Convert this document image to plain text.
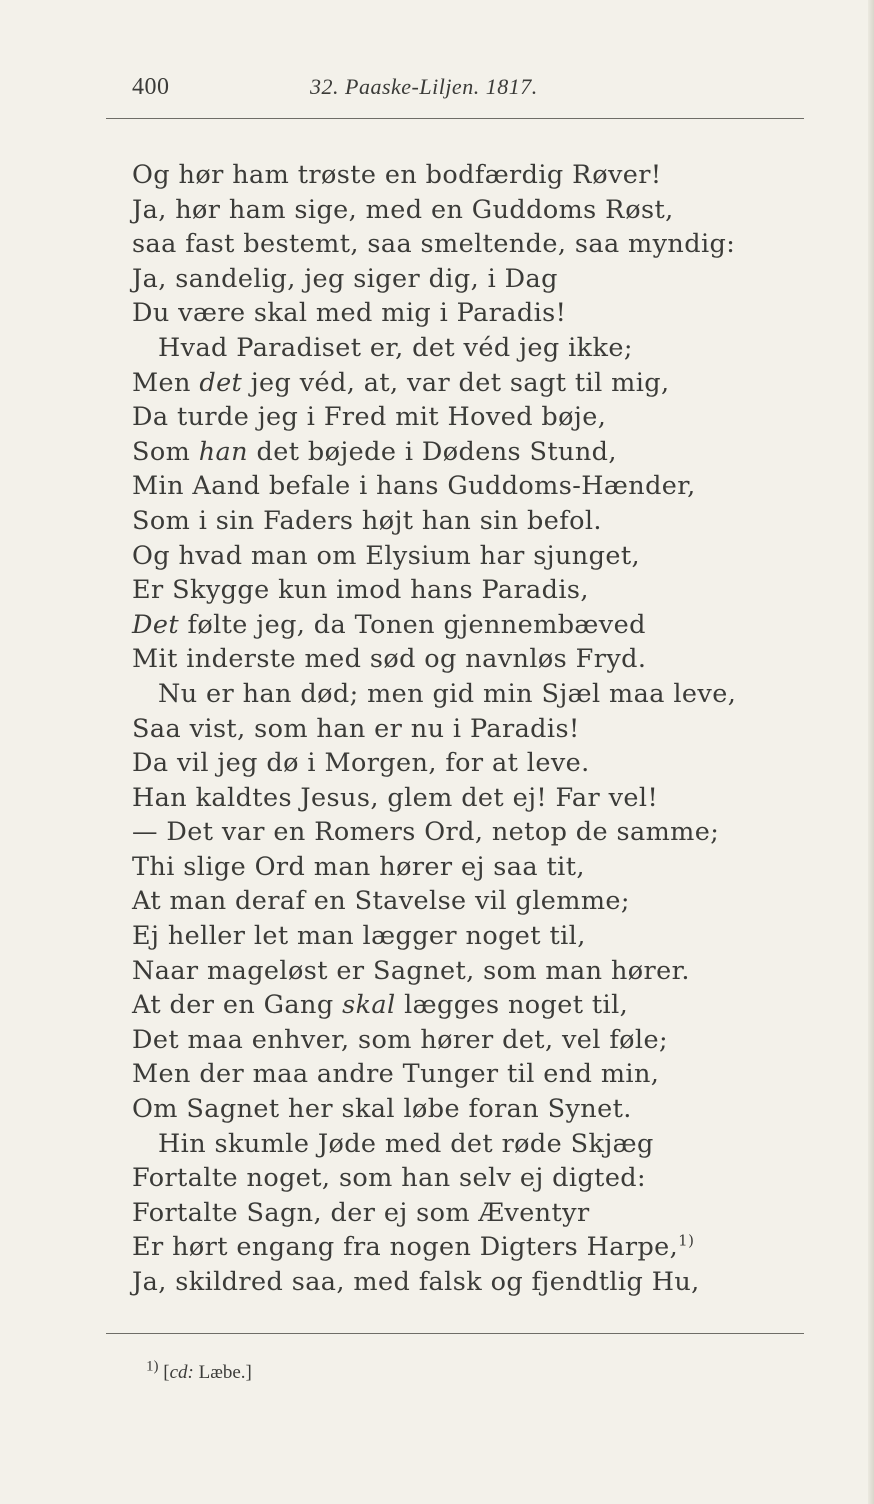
400	32. Paaske-Liljen. 1817.
Og hør ham trøste en bodfærdig Røver!
Ja, hør ham sige, med en Guddoms Røst,
saa fast bestemt, saa smeltende, saa myndig:
Ja, sandelig, jeg siger dig, i Dag
Du være skal med mig i Paradis!
Hvad Paradiset er, det véd jeg ikke;
Men det jeg véd, at, var det sagt til mig,
Da turde jeg i Fred mit Hoved bøje,
Som han det bøjede i Dødens Stund,
Min Aand befale i hans Guddoms-Hænder,
Som i sin Faders højt han sin befol.
Og hvad man om Elysium har sjunget,
Er Skygge kun imod hans Paradis,
Det følte jeg, da Tonen gjennembæved
Mit inderste med sød og navnløs Fryd.
Nu er han død; men gid min Sjæl maa leve,
Saa vist, som han er nu i Paradis!
Da vil jeg dø i Morgen, for at leve.
Han kaldtes Jesus, glem det ej! Far vel!
— Det var en Romers Ord, netop de samme;
Thi slige Ord man hører ej saa tit,
At man deraf en Stavelse vil glemme;
Ej heller let man lægger noget til,
Naar mageløst er Sagnet, som man hører.
At der en Gang skal lægges noget til,
Det maa enhver, som hører det, vel føle;
Men der maa andre Tunger til end min,
Om Sagnet her skal løbe foran Synet.
Hin skumle Jøde med det røde Skjæg
Fortalte noget, som han selv ej digted:
Fortalte Sagn, der ej som Æventyr
Er hørt engang fra nogen Digters Harpe,$^{1)}$
Ja, skildred saa, med falsk og fjendtlig Hu,
$^{1)}$ [cd: Læbe.]
